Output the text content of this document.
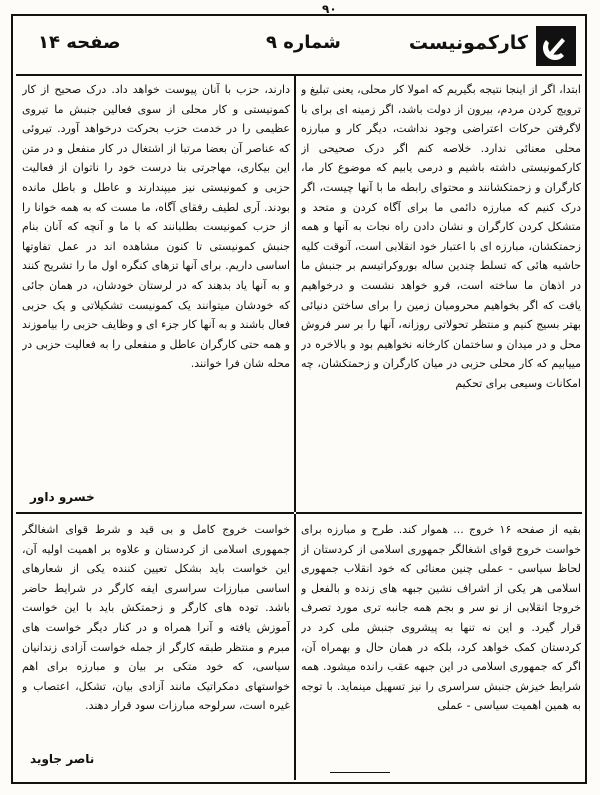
۹۰
کارکمونیست
شماره ۹
صفحه ۱۴

ابتدا، اگر از اینجا نتیجه بگیریم که امولا کار محلی، یعنی تبلیغ و ترویج کردن مردم، بیرون از دولت باشد، اگر زمینه ای برای با لاگرفتن حرکات اعتراضی وجود نداشت، دیگر کار و مبارزه محلی معنائی ندارد. خلاصه کنم اگر درک صحیحی از کارکمونیستی داشته باشیم و درمی یابیم که موضوع کار ما، کارگران و زحمتکشانند و محتوای رابطه ما با آنها چیست، اگر درک کنیم که مبارزه دائمی ما برای آگاه کردن و متحد و متشکل کردن کارگران و نشان دادن راه نجات به آنها و همه زحمتکشان، مبارزه ای با اعتبار خود انقلابی است، آنوقت کلیه حاشیه هائی که تسلط چندین ساله بوروکراتیسم بر جنبش ما در اذهان ما ساخته است، فرو خواهد نشست و درخواهیم یافت که اگر بخواهیم محرومیان زمین را برای ساختن دنیائی بهتر بسیج کنیم و منتظر تحولاتی روزانه، آنها را بر سر فروش محل و در میدان و ساختمان کارخانه نخواهیم بود و بالاخره در مییابیم که کار محلی حزبی در میان کارگران و زحمتکشان، چه امکانات وسیعی برای تحکیم

دارند، حزب با آنان پیوست خواهد داد. درک صحیح از کار کمونیستی و کار محلی از سوی فعالین جنبش ما تیروی عظیمی را در خدمت حزب بحرکت درخواهد آورد. تیروئی که عناصر آن بعضا مرتبا از اشتغال در کار منفعل و در متن این بیکاری، مهاجرتی بنا درست خود را ناتوان از فعالیت حزبی و کمونیستی نیز میپندارند و عاطل و باطل مانده بودند. آری لطیف رفقای آگاه، ما مست که به همه خوانا را از حزب کمونیست بطلبانند که با ما و آنچه که آنان بنام جنبش کمونیستی تا کنون مشاهده اند در عمل تفاوتها اساسی داریم. برای آنها تزهای کنگره اول ما را تشریح کنند و به آنها یاد بدهند که در لرستان خودشان، در همان جائی که خودشان میتوانند یک کمونیست تشکیلاتی و یک حزبی فعال باشند و به آنها کار جزء ای و وظایف حزبی را بیاموزند و همه حتی کارگران عاطل و منفعلی را به فعالیت حزبی در محله شان فرا خوانند.

خسرو داور

بقیه از صفحه ۱۶ خروج ... هموار کند. طرح و مبارزه برای خواست خروج قوای اشغالگر جمهوری اسلامی از کردستان از لحاظ سیاسی - عملی چنین معنائی که خود انقلاب جمهوری اسلامی هر یکی از اشراف نشین جبهه های زنده و بالفعل و خروجا انقلابی از نو سر و بجم همه جانبه تری مورد تصرف قرار گیرد. و این نه تنها به پیشروی جنبش ملی کرد در کردستان کمک خواهد کرد، بلکه در همان حال و بهمراه آن، اگر که جمهوری اسلامی در این جبهه عقب رانده میشود. همه شرایط خیزش جنبش سراسری را نیز تسهیل مینماید. با توجه به همین اهمیت سیاسی - عملی

خواست خروج کامل و بی قید و شرط قوای اشغالگر جمهوری اسلامی از کردستان و علاوه بر اهمیت اولیه آن، این خواست باید بشکل تعیین کننده یکی از شعارهای اساسی مبارزات سراسری ایفه کارگر در شرایط حاضر باشد. توده های کارگر و زحمتکش باید با این خواست آموزش یافته و آنرا همراه و در کنار دیگر خواست های مبرم و منتظر طبقه کارگر از جمله خواست آزادی زندانیان سیاسی، که خود متکی بر بیان و مبارزه برای اهم خواستهای دمکراتیک مانند آزادی بیان، تشکل، اعتصاب و غیره است، سرلوحه مبارزات سود قرار دهند.

ناصر جاوید
